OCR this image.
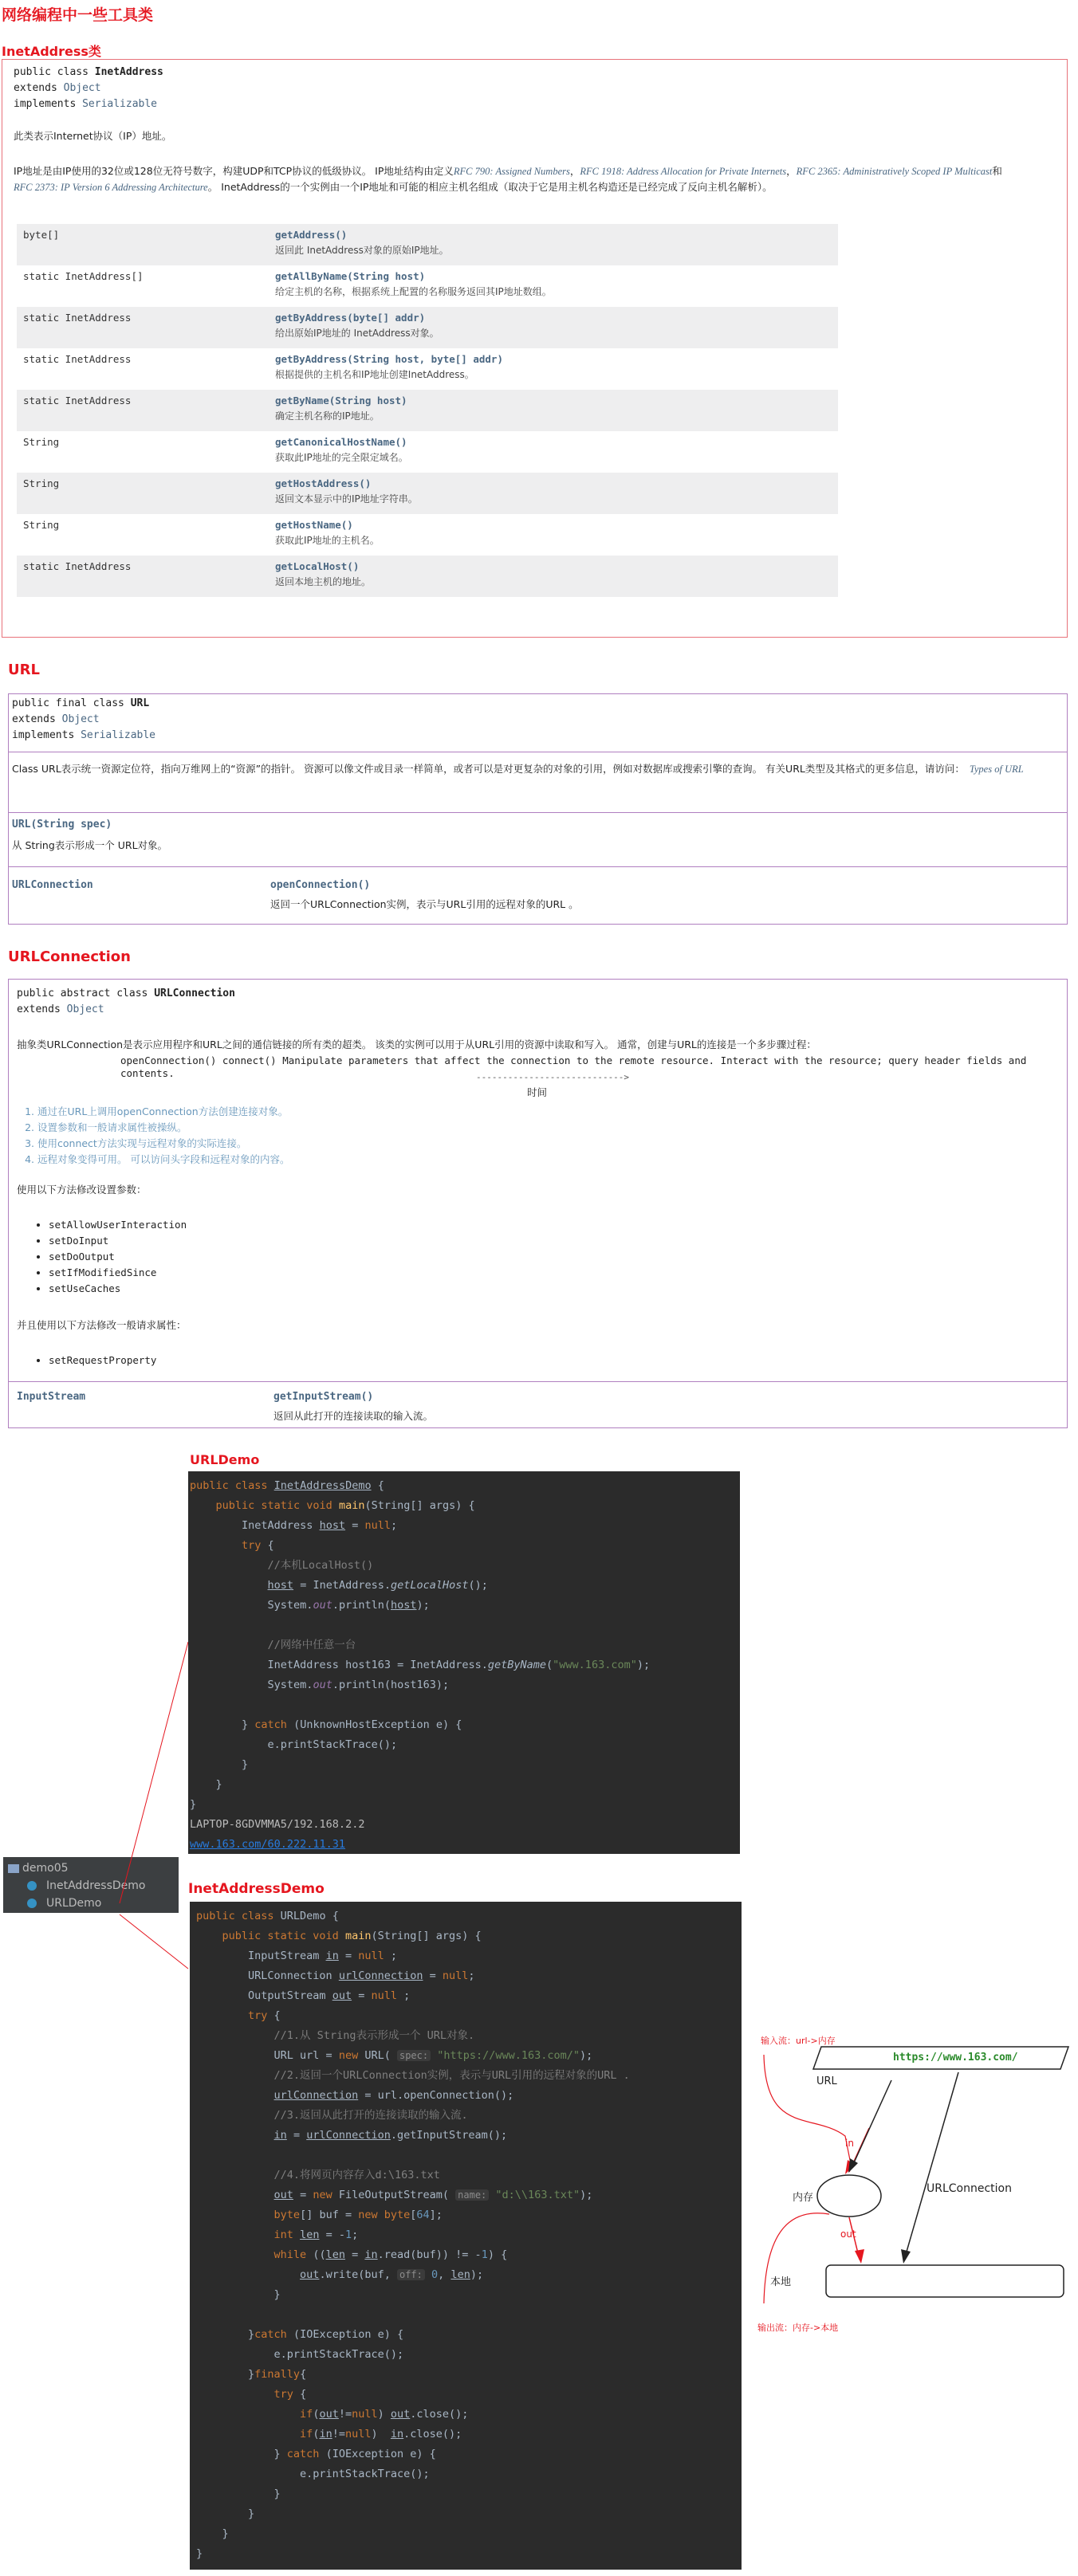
网络编程中一些工具类
InetAddress类
public class InetAddress
extends Object
implements Serializable
此类表示Internet协议（IP）地址。
IP地址是由IP使用的32位或128位无符号数字，构建UDP和TCP协议的低级协议。 IP地址结构由定义RFC 790: Assigned Numbers，RFC 1918: Address Allocation for Private Internets，RFC 2365: Administratively Scoped IP Multicast和RFC 2373: IP Version 6 Addressing Architecture。 InetAddress的一个实例由一个IP地址和可能的相应主机名组成（取决于它是用主机名构造还是已经完成了反向主机名解析）。
byte[]	getAddress()
返回此 InetAddress对象的原始IP地址。

static InetAddress[]	getAllByName(String host)
给定主机的名称，根据系统上配置的名称服务返回其IP地址数组。

static InetAddress	getByAddress(byte[] addr)
给出原始IP地址的 InetAddress对象。

static InetAddress	getByAddress(String host, byte[] addr)
根据提供的主机名和IP地址创建InetAddress。

static InetAddress	getByName(String host)
确定主机名称的IP地址。

String	getCanonicalHostName()
获取此IP地址的完全限定域名。

String	getHostAddress()
返回文本显示中的IP地址字符串。

String	getHostName()
获取此IP地址的主机名。

static InetAddress	getLocalHost()
返回本地主机的地址。
URL
public final class URL
extends Object
implements Serializable
Class URL表示统一资源定位符，指向万维网上的“资源”的指针。 资源可以像文件或目录一样简单，或者可以是对更复杂的对象的引用，例如对数据库或搜索引擎的查询。 有关URL类型及其格式的更多信息，请访问： Types of URL
URL(String spec)
从 String表示形成一个 URL对象。
URLConnection	openConnection()
返回一个URLConnection实例，表示与URL引用的远程对象的URL 。
URLConnection
public abstract class URLConnection
extends Object
抽象类URLConnection是表示应用程序和URL之间的通信链接的所有类的超类。 该类的实例可以用于从URL引用的资源中读取和写入。 通常，创建与URL的连接是一个多步骤过程：
openConnection() connect() Manipulate parameters that affect the connection to the remote resource. Interact with the resource; query header fields and contents.	---------------------------->
时间
1. 通过在URL上调用openConnection方法创建连接对象。
2. 设置参数和一般请求属性被操纵。
3. 使用connect方法实现与远程对象的实际连接。
4. 远程对象变得可用。 可以访问头字段和远程对象的内容。
使用以下方法修改设置参数：
• setAllowUserInteraction
• setDoInput
• setDoOutput
• setIfModifiedSince
• setUseCaches
并且使用以下方法修改一般请求属性：
• setRequestProperty
InputStream	getInputStream()
返回从此打开的连接读取的输入流。
URLDemo
InetAddressDemo
demo05
InetAddressDemo
URLDemo
public class InetAddressDemo {
public static void main(String[] args) {
InetAddress host = null;
try {
//本机LocalHost()
host = InetAddress.getLocalHost();
System.out.println(host);

//网络中任意一台
InetAddress host163 = InetAddress.getByName("www.163.com");
System.out.println(host163);

} catch (UnknownHostException e) {
e.printStackTrace();
}
}
}
LAPTOP-8GDVMMA5/192.168.2.2
www.163.com/60.222.11.31
public class URLDemo {
public static void main(String[] args) {
InputStream in = null ;
URLConnection urlConnection = null;
OutputStream out = null ;
try {
//1.从 String表示形成一个 URL对象.
URL url = new URL( spec: "https://www.163.com/");
//2.返回一个URLConnection实例，表示与URL引用的远程对象的URL .
urlConnection = url.openConnection();
//3.返回从此打开的连接读取的输入流.
in = urlConnection.getInputStream();

//4.将网页内容存入d:\163.txt
out = new FileOutputStream( name: "d:\\163.txt");
byte[] buf = new byte[64];
int len = -1;
while ((len = in.read(buf)) != -1) {
out.write(buf, off: 0, len);
}

}catch (IOException e) {
e.printStackTrace();
}finally{
try {
if(out!=null) out.close();
if(in!=null)  in.close();
} catch (IOException e) {
e.printStackTrace();
}
}
}
}
输入流：url->内存
URL
https://www.163.com/
in
内存
URLConnection
out
本地
输出流：内存->本地
